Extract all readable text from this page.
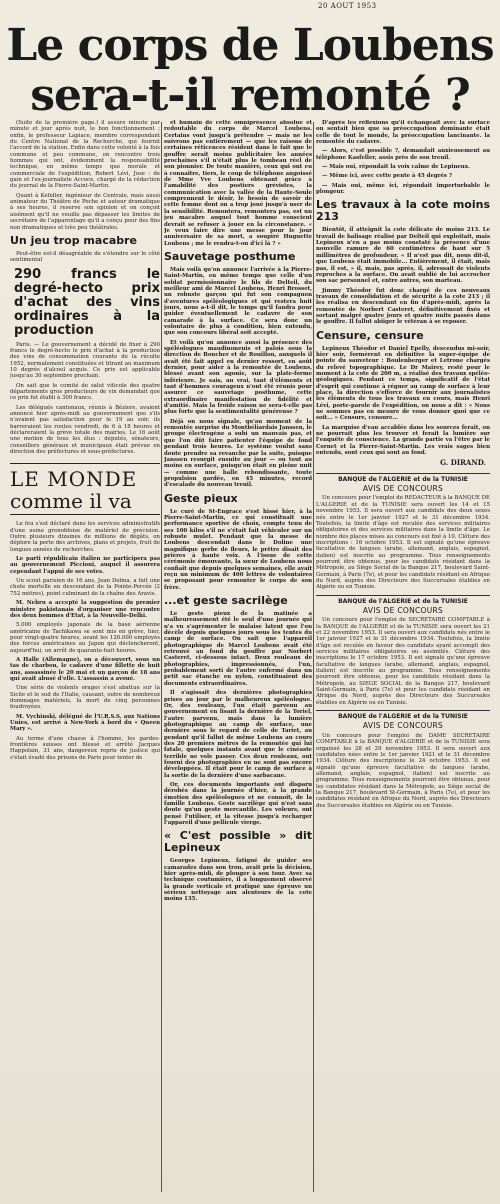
20 AOUT 1953
Le corps de Loubens
sera-t-il remonté ?

(Suite de la première page.) il assure minute par minute et jour après nuit, le bon fonctionnement ; enfin, le professeur Lapiace, membre correspondant du Centre National de la Recherche, qui fournit l'accord de la station. Enfin dans cette volonté à la fois commune et peu commune, on rencontre trois hommes qui ont, évidemment la responsabilité technique, en même temps que morale et commerciale de l'expédition, Robert Lévi, Jose : de gain et l'ex-journaliste Accoce, chargé de la rédaction du journal de la Pierre-Saint-Martin.

Quant à Kefeller, ingénieur de Centrale, mais aussi animateur du Théâtre de Poche et auteur dramatique à ses heures, il reserve son opinion et on conçoit aisément qu'il ne veuille pas dépasser les limites de secrétaire de l'apparentage qu'il a conçu pour des fins non dramatiques et très peu théâtrales.

Un jeu trop macabre

Peut-être est-il désagréable de s'étendre sur le côté sentimental

290 francs le degré-hecto prix d'achat des vins ordinaires à la production

Paris. — Le gouvernement a décidé de fixer à 290 francs le degré-hecto le prix d'achat à la production des vins de consommation courante de la récolte 1952, normalement constituées et titrant au maximum 10 degrés d'alcool acquis. Ce prix est applicable jusqu'au 30 septembre prochain.

On sait que le comité de salut viticole des quatre départements gros producteurs de vin demandait que ce prix fut établi à 300 francs.

Les délégués cantonaux, réunis à Béziers, avaient annoncé hier après-midi au gouvernement que s'ils n'avaient pas satisfaction pour le 19 au soir, ils barreraient les routes vendredi, de 6 à 18 heures et déclareraient la grève totale des mairies. Le 16 août une motion de tous les élus : députés, sénateurs, conseillers généraux et municipaux était prévue en direction des préfectures et sous-préfectures.

LE MONDE
comme il va

Le feu s'est déclaré dans les services administratifs d'une usine grenobloise de matériel de précision. Outre plusieurs dizaines de millions de dégâts, on déplore la perte des archives, plans et projets, fruit de longues années de recherches.

Le parti républicain italien ne participera pas au gouvernement Piccioni, auquel il assurera cependant l'appui de ses votes.

Un scout parisien de 16 ans, Jean Delma, a fait une chute mortelle en descendant de la Pointe-Percée (2 752 mètres), point culminant de la chaîne des Aravis.

M. Nehru a accepté la suggestion du premier ministre pakistanais d'organiser une rencontre des deux hommes d'Etat, à la Nouvelle-Delhi.

5.000 employés japonais de la base aérienne américaine de Tachikawa se sont mis en grève, hier, pour vingt-quatre heures, avant les 120.000 employés des forces américaines au Japon qui déclencheront, aujourd'hui, un arrêt de quarante-huit heures.

A Halle (Allemagne), on a découvert, sous un tas de charbon, le cadavre d'une fillette de huit ans, assassinée le 20 mai et un garçon de 18 ans qui avait abusé d'elle. L'assassin a avoué.

Une série de violents orages s'est abattue sur la Sicile et le sud de l'Italie, causant, outre de nombreux dommages matériels, la mort de cinq personnes foudroyées.

M. Vychinski, délégué de l'U.R.S.S. aux Nations Unies, est arrivé à New-York à bord du « Queen Mary ».

Au terme d'une chasse à l'homme, les gardes-frontières suisses ont blessé et arrêté Jacques Happolain, 31 ans, dangereux repris de justice qui s'était évadé des prisons de Paris pour tenter de

et humain de cette omniprésence absolue et redoutable du corps de Marcel Loubens. Certains vont jusqu'à prétendre — mais ne les suivrons pas entièrement — que les raisons de certaines réticences résident dans le fait que le gouffre serait moins publicitaire les années prochaines s'il n'était plus le tombeau réel de son pionnier. De toute manière, ceux qui ont eu à connaître, tiers, le coup de téléphone angoissé de Mme Vve Loubens obtenant grâce à l'amabilité des postiers grévistes, la communication avec la vallée de la Haute-Soule comprennent le désir, le besoin de savoir de cette femme dont on a trop joué jusqu'à user de la sensibilité. Remontera, remontera pas, est un jeu macabre auquel tout homme conscient devrait se refuser à jouer en la circonstance. « Je veux faire dire une messe pour le jour anniversaire de sa mort, a soupiré Huguette Loubens ; me le rendra-t-on d'ici là ? »

Sauvetage posthume

Mais voilà qu'on annonce l'arrivée à la Pierre-Saint-Martin, en même temps que celle d'un soldat permissionnaire le fils de Delteil, du meilleur ami de Marcel Loubens, Henri Brosset, un robuste garçon qui fut son compagnon d'aventures spéléologiques et qui restera huit jours, nous a-t-il dit, le temps qu'il faudra pour guider éventuellement le cadavre de son camarade à la surface. Ce sera donc un volontaire de plus à condition, bien entendu, que son concours libéral soit accepté.

Et voilà qu'on annonce aussi la présence des spéléologues maudinoneuis et palois sous la direction de Boucher et de Rouillon, auxquels il avait été fait appel en dernier ressort, en août dernier, pour aider à la remontée de Loubens, blessé avant son agonie, sur la plate-forme inférieure. Je sais, au vrai, tant d'éléments et tant d'hommes courageux n'ont été réunis pour assurer ce sauvetage posthume, cette extraordinaire manifestation de fidélité et d'amitié. Mais la froide raison ne sera-t-elle pas plus forte que la sentimentalité généreuse ?

Déjà on nous signale, qu'au moment de la remontée surprise du Montbéliardais Janssen, le groupe électrogène a subi un mauvais pas, et que l'on dût faire patienter l'équipe de fond pendant trois heures. Le système voulut sans doute prendre sa revanche par la suite, puisque Janssen resurgit ensuite au jour — ou tout au moins en surface, puisqu'on était en pleine nuit — comme une balle rebondissante, toute propulsion gardée, en 45 minutes, record d'escalade du nouveau treuil.

Geste pieux

Le curé de St-Engrace s'est hissé hier, à la Pierre-Saint-Martin, ce qui constituait une performance sportive de choix, compte tenu de ses 100 kilos s'il ne s'était fait véhiculer sur un robuste mulet. Pendant que la messe de Loubens descendait dans le Doline une magnifique gerbe de fleurs, le prêtre disait des prières à haute voix. A l'issue de cette cérémonie émouvante, la sœur de Loubens nous confiait que depuis quelques semaines, elle avait reçu un minimum de 400 lettres de volontaires se proposant pour remonter le corps de son frère.

...et geste sacrilège

Le geste pieux de la matinée a malheureusement été le seul d'une journée qui n'a vu s'agrémenter le malaise latent que l'on décèle depuis quelques jours sous les tentes du camp de surface. On sait que l'appareil photographique de Marcel Loubens avait été retrouvé au fond du gouffre par Norbert Casteret, ci-dessous intact. Deux rouleaux de photographies, impressionnés, l'un, probablement sorti de l'autre enfermé dans un petit sac étanche en nylon, constituaient des documents extraordinaires.

Il s'agissait des dernières photographies prises au jour par le malheureux spéléologue. Or, des rouleaux, l'un était parvenu au gouvernement en lisant la dernière de la Toriel, l'autre parvenu, mais dans la lumière photographique au camp de surface, une dernière sous le regard de celle de Tariet, au pendant qu'il fallut de même Loubens au cours des 20 premiers mètres de la remontée qui lui fatale, quelques instants avant que le cinéaste terrible ne vole passer. Ces deux rouleaux, ont fourni des photographies en ne sont pas encore développées. Il était pour le camp de surface à la sortie de la dernière d'une sarbacane.

Or, ces documents importants ont disparu dérobés dans la journée d'hier, à la grande émotion des spéléologues et ne connoît, de la famille Loubens. Geste sacrilège qui n'est sans doute qu'un geste mercantile. Les voleurs, ont pensé l'utiliser, et la vitesse jusqu'à recharger l'appareil d'une pellicule vierge.

« C'est possible » dit Lepineux

Georges Lepineux, fatigué de guider ses camarades dans son trou, avait pris la décision, hier après-midi, de plonger à son tour. Avec sa technique coutumière, il a longuement observé la grande verticale et pratiqué une épreuve un sérieux nettoyage aux alentours de la cote moins 135.

D'après les réflexions qu'il échangeait avec la surface on sentait bien que sa préoccupation dominante était celle de tout le monde, la préoccupation lancinante. la remontée du cadavre.

— Alors, c'est possible ?, demandait anxieusement au téléphone Kasfeller, assis près de son treuil.

— Mais oui, répondait la voix calme de Lepineux.

— Même ici, avec cette pente à 45 degrés ?

— Mais oui, même ici, répondait imperturbable le plongeur.

Les travaux à la cote moins 213

Bientôt, il atteignit la cote délicate de moins 213. Le travail de balisage réalisé par Delteil qui exploitait, mais Lepineux n'en a pas moins constaté la présence d'une nouvelle ramure de 60 centimètres de haut sur 5 millimètres de profondeur. « Il n'est pas dit, nous dit-il, que Loubens était immobile... Entièrement, il était, mais pas, il est, » il, mais, pas après, il, adressait de violents reproches à la surface. On avait oublié de lui accrocher son sac personnel et, entre autres, son marteau.

Jimmy Théodor fut donc chargé de ces nouveaux travaux de consolidation et de sécurité à la cote 213 ; il les réalisa en descendant en fin d'après-midi, après la remontée de Norbert Casteret, définitivement fixés et sortant malgré quatre jours et quatre nuits passés dans le gouffre. Il fallut abîiger le vétéran à se reposer.

Censure, censure

Lepineux Théodor et Daniel Epelly, descendus mi-soir, hier soir, formèrent en définitive la super-équipe de pointe du sauveteur : Boulenberger et Letrone chargés du relevé topographique. Le Dr Mairey, resté pour le moment à la cote de 200 m, a réalisé des travaux spéléo-géologiques. Pendant ce temps, significatif de l'état d'esprit qui continue à régner au camp de surface à leur place, la direction s'efforce de fournir aux journalistes les éléments de tous les travaux en cours, mais Henri Lévi, porte-parole de l'expédition, on nous a dit : « Nous ne sommes pas en mesure de vous donner quoi que ce soit... » Censure, censure...

La marquise d'eau accablée dans les sources ferait, on ne pourrait plus les trouver et ferait la lumière sur l'enquête de conscience. La grande partie va l'être par le Cornet et la Pierre-Saint-Martin. Les vrais sages bien entendu, sont ceux qui sont au fond.

G. DIRAND.
BANQUE de l'ALGERIE et de la TUNISIE
AVIS DE CONCOURS

Un concours pour l'emploi de REDACTEUR à la BANQUE DE L'ALGERIE et de la TUNISIE sera ouvert les 14 et 15 novembre 1953. Il sera ouvert aux candidats des deux sexes nés entre le 1er janvier 1927 et le 31 décembre 1934. Toutefois, la limite d'âge est reculée des services militaires obligatoires et des services militaires dans la limite d'âge. Le nombre des places mises au concours est fixé à 10. Clôture des inscriptions : 16 octobre 1953. Il est signalé qu'une épreuve facultative de langues (arabe, allemand, anglais, espagnol, italien) est inscrite au programme. Tous renseignements pourront être obtenus, pour les candidats résidant dans la Métropole, au Siège Social de la Banque 217, boulevard Saint-Germain, à Paris (7e), et pour les candidats résidant en Afrique du Nord, auprès des Directeurs des Succursales établies en Algérie ou en Tunisie.

BANQUE de l'ALGERIE et de la TUNISIE
AVIS DE CONCOURS

Un concours pour l'emploi de SECRETAIRE COMPTABLE à la BANQUE de l'ALGERIE et de la TUNISIE sera ouvert les 21 et 22 novembre 1953. Il sera ouvert aux candidats nés entre le 1er janvier 1927 et le 31 décembre 1934. Toutefois, la limite d'âge est reculée en faveur des candidats ayant accompli des services militaires obligatoires ou assimilés. Clôture des inscriptions le 17 octobre 1953. Il est signalé qu'une épreuve facultative de langues (arabe, allemand, anglais, espagnol, italien) est inscrite au programme. Tous renseignements pourront être obtenus, pour les candidats résidant dans la Métropole, au SIEGE SOCIAL de la Banque 217, boulevard Saint-Germain, à Paris (7e) et pour les candidats résidant en Afrique du Nord, auprès des Directeurs des Succursales établies en Algérie ou en Tunisie.

BANQUE de l'ALGERIE et de la TUNISIE
AVIS DE CONCOURS

Un concours pour l'emploi de DAME SECRETAIRE COMPTABLE à la BANQUE d'ALGERIE et de la TUNISIE sera organisé les 28 et 29 novembre 1953. Il sera ouvert aux candidates nées entre le 1er janvier 1921 et le 31 décembre 1934. Clôture des inscriptions le 24 octobre 1953. Il est signalé qu'une épreuve facultative de langues (arabe, allemand, anglais, espagnol, italien) est inscrite au programme. Tous renseignements pourront être obtenus, pour les candidates résidant dans la Métropole, au Siège social de la Banque 217, boulevard St-Germain, à Paris (7e), et pour les candidates résidant en Afrique du Nord, auprès des Directeurs des Succursales établies en Algérie ou en Tunisie.
